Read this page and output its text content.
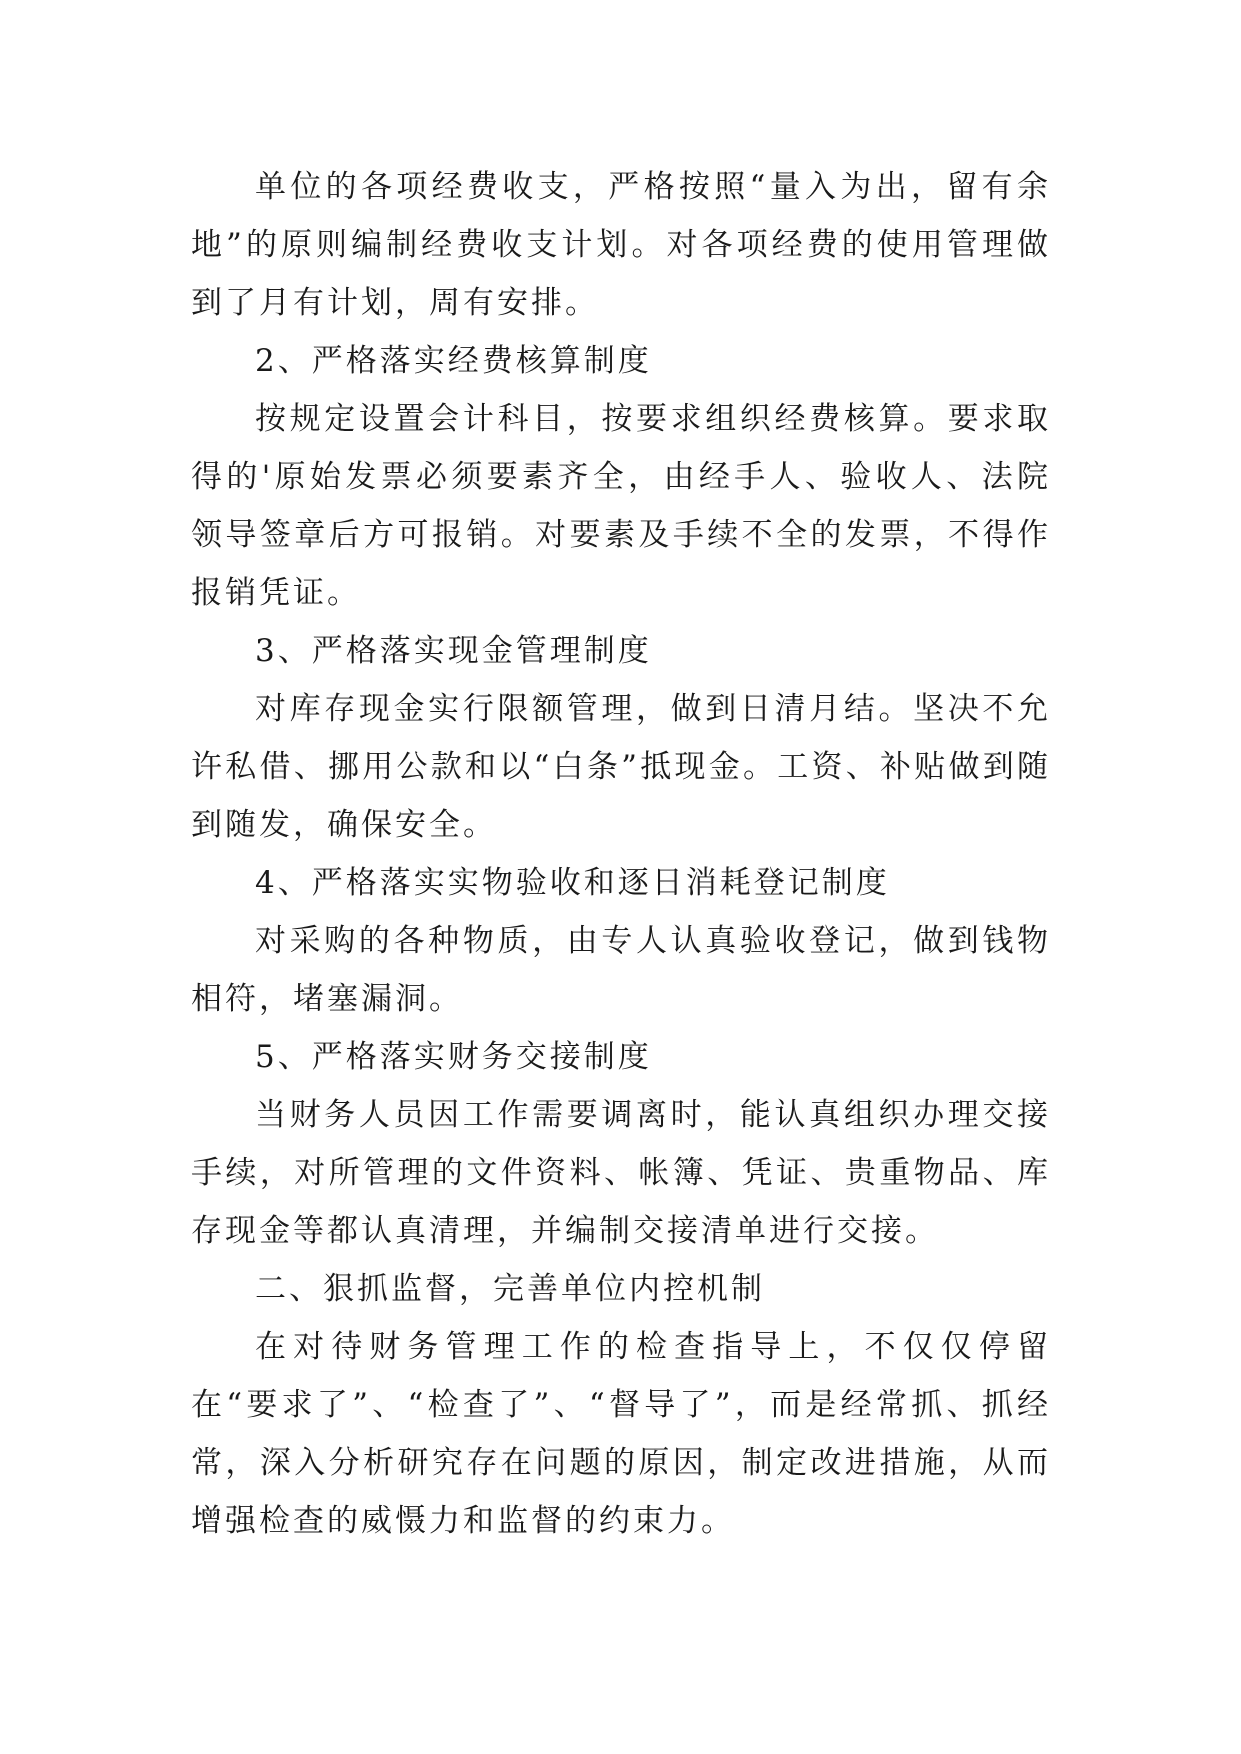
单位的各项经费收支，严格按照“量入为出，留有余地”的原则编制经费收支计划。对各项经费的使用管理做到了月有计划，周有安排。

2、严格落实经费核算制度

按规定设置会计科目，按要求组织经费核算。要求取得的'原始发票必须要素齐全，由经手人、验收人、法院领导签章后方可报销。对要素及手续不全的发票，不得作报销凭证。

3、严格落实现金管理制度

对库存现金实行限额管理，做到日清月结。坚决不允许私借、挪用公款和以“白条”抵现金。工资、补贴做到随到随发，确保安全。

4、严格落实实物验收和逐日消耗登记制度

对采购的各种物质，由专人认真验收登记，做到钱物相符，堵塞漏洞。

5、严格落实财务交接制度

当财务人员因工作需要调离时，能认真组织办理交接手续，对所管理的文件资料、帐簿、凭证、贵重物品、库存现金等都认真清理，并编制交接清单进行交接。

二、狠抓监督，完善单位内控机制

在对待财务管理工作的检查指导上，不仅仅停留在“要求了”、“检查了”、“督导了”，而是经常抓、抓经常，深入分析研究存在问题的原因，制定改进措施，从而增强检查的威慑力和监督的约束力。
